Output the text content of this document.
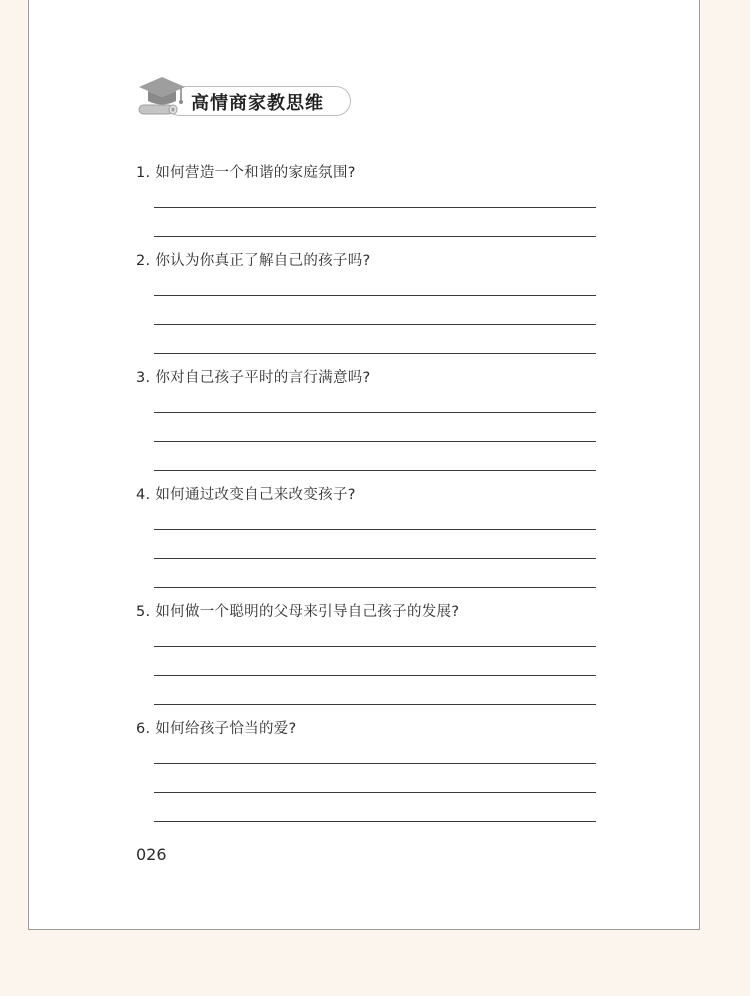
高情商家教思维
1. 如何营造一个和谐的家庭氛围?
2. 你认为你真正了解自己的孩子吗?
3. 你对自己孩子平时的言行满意吗?
4. 如何通过改变自己来改变孩子?
5. 如何做一个聪明的父母来引导自己孩子的发展?
6. 如何给孩子恰当的爱?
026
